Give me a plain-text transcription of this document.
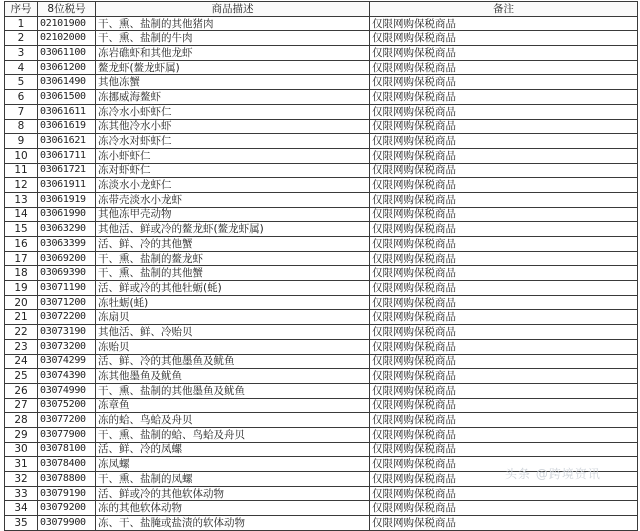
序号	8位税号	商品描述	备注
1	02101900	干、熏、盐制的其他猪肉	仅限网购保税商品
2	02102000	干、熏、盐制的牛肉	仅限网购保税商品
3	03061100	冻岩礁虾和其他龙虾	仅限网购保税商品
4	03061200	鳌龙虾(鳌龙虾属)	仅限网购保税商品
5	03061490	其他冻蟹	仅限网购保税商品
6	03061500	冻挪威海鳌虾	仅限网购保税商品
7	03061611	冻冷水小虾虾仁	仅限网购保税商品
8	03061619	冻其他冷水小虾	仅限网购保税商品
9	03061621	冻冷水对虾虾仁	仅限网购保税商品
10	03061711	冻小虾虾仁	仅限网购保税商品
11	03061721	冻对虾虾仁	仅限网购保税商品
12	03061911	冻淡水小龙虾仁	仅限网购保税商品
13	03061919	冻带壳淡水小龙虾	仅限网购保税商品
14	03061990	其他冻甲壳动物	仅限网购保税商品
15	03063290	其他活、鲜或冷的鳌龙虾(鳌龙虾属)	仅限网购保税商品
16	03063399	活、鲜、冷的其他蟹	仅限网购保税商品
17	03069200	干、熏、盐制的鳌龙虾	仅限网购保税商品
18	03069390	干、熏、盐制的其他蟹	仅限网购保税商品
19	03071190	活、鲜或冷的其他牡蛎(蚝)	仅限网购保税商品
20	03071200	冻牡蛎(蚝)	仅限网购保税商品
21	03072200	冻扇贝	仅限网购保税商品
22	03073190	其他活、鲜、冷贻贝	仅限网购保税商品
23	03073200	冻贻贝	仅限网购保税商品
24	03074299	活、鲜、冷的其他墨鱼及鱿鱼	仅限网购保税商品
25	03074390	冻其他墨鱼及鱿鱼	仅限网购保税商品
26	03074990	干、熏、盐制的其他墨鱼及鱿鱼	仅限网购保税商品
27	03075200	冻章鱼	仅限网购保税商品
28	03077200	冻的蛤、鸟蛤及舟贝	仅限网购保税商品
29	03077900	干、熏、盐制的蛤、鸟蛤及舟贝	仅限网购保税商品
30	03078100	活、鲜、冷的凤螺	仅限网购保税商品
31	03078400	冻凤螺	仅限网购保税商品
32	03078800	干、熏、盐制的凤螺	仅限网购保税商品
33	03079190	活、鲜或冷的其他软体动物	仅限网购保税商品
34	03079200	冻的其他软体动物	仅限网购保税商品
35	03079900	冻、干、盐腌或盐渍的软体动物	仅限网购保税商品
头条 @跨境资讯
